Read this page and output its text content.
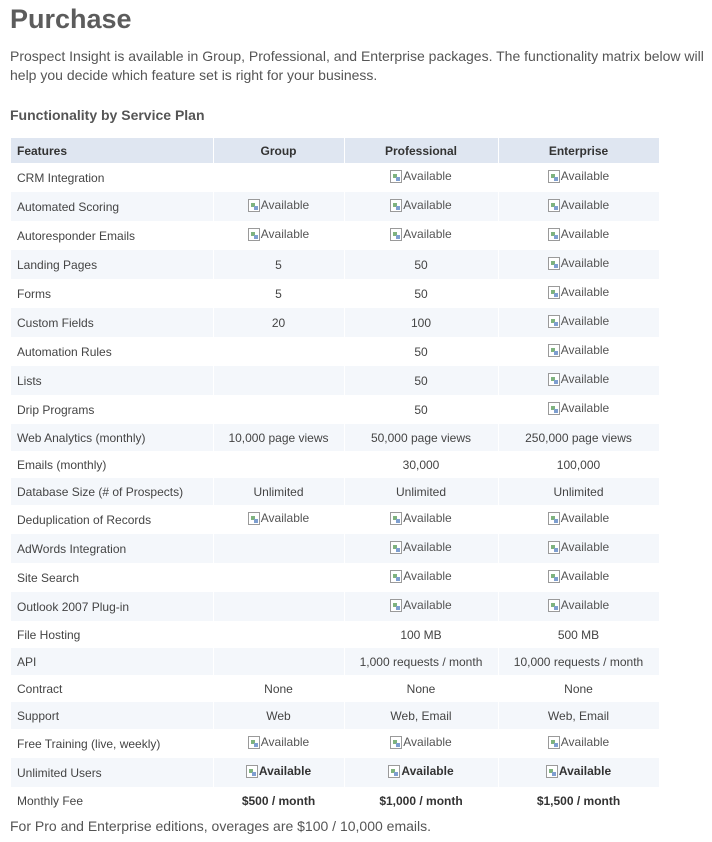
Purchase

Prospect Insight is available in Group, Professional, and Enterprise packages. The functionality matrix below will help you decide which feature set is right for your business.

Functionality by Service Plan
Features	Group	Professional	Enterprise
CRM Integration		Available	Available

Automated Scoring	Available	Available	Available

Autoresponder Emails	Available	Available	Available

Landing Pages	5	50	Available

Forms	5	50	Available

Custom Fields	20	100	Available

Automation Rules		50	Available

Lists		50	Available

Drip Programs		50	Available

Web Analytics (monthly)	10,000 page views	50,000 page views	250,000 page views
Emails (monthly)		30,000	100,000
Database Size (# of Prospects)	Unlimited	Unlimited	Unlimited
Deduplication of Records	Available	Available	Available

AdWords Integration		Available	Available

Site Search		Available	Available

Outlook 2007 Plug-in		Available	Available

File Hosting		100 MB	500 MB
API		1,000 requests / month	10,000 requests / month
Contract	None	None	None
Support	Web	Web, Email	Web, Email
Free Training (live, weekly)	Available	Available	Available

Unlimited Users	Available	Available	Available

Monthly Fee	$500 / month	$1,000 / month	$1,500 / month

For Pro and Enterprise editions, overages are $100 / 10,000 emails.
